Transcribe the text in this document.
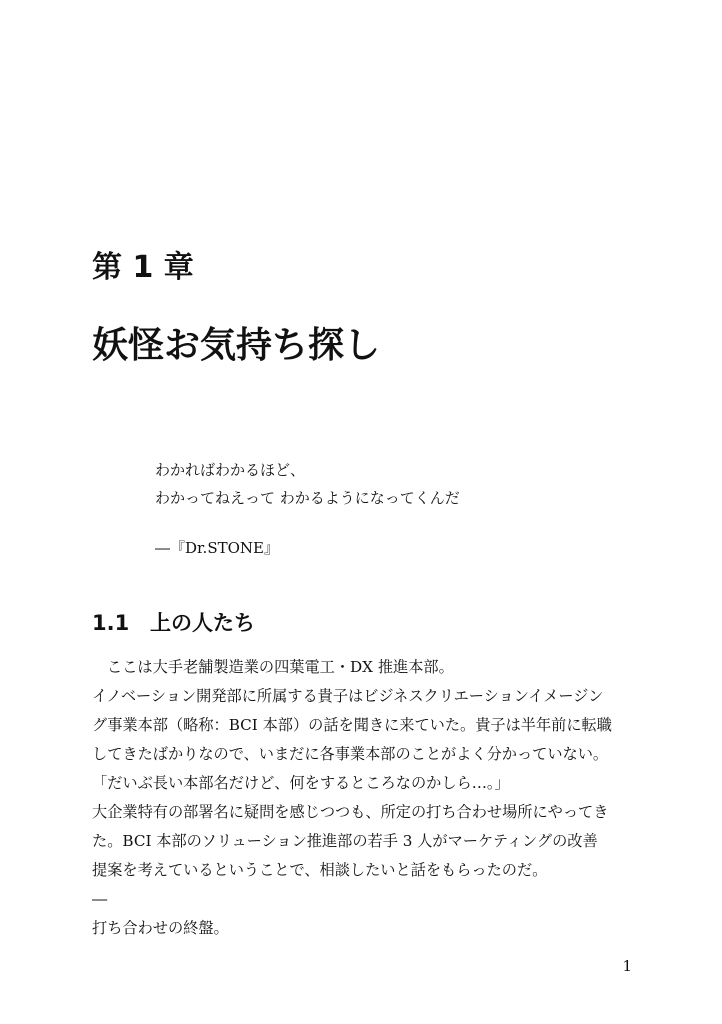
第 1 章
妖怪お気持ち探し
わかればわかるほど、
わかってねえって わかるようになってくんだ
―『Dr.STONE』
1.1 上の人たち

ここは大手老舗製造業の四葉電工・DX 推進本部。

イノベーション開発部に所属する貴子はビジネスクリエーションイメージン

グ事業本部（略称：BCI 本部）の話を聞きに来ていた。貴子は半年前に転職

してきたばかりなので、いまだに各事業本部のことがよく分かっていない。

「だいぶ長い本部名だけど、何をするところなのかしら…。」

大企業特有の部署名に疑問を感じつつも、所定の打ち合わせ場所にやってき

た。BCI 本部のソリューション推進部の若手 3 人がマーケティングの改善

提案を考えているということで、相談したいと話をもらったのだ。

―

打ち合わせの終盤。

1
